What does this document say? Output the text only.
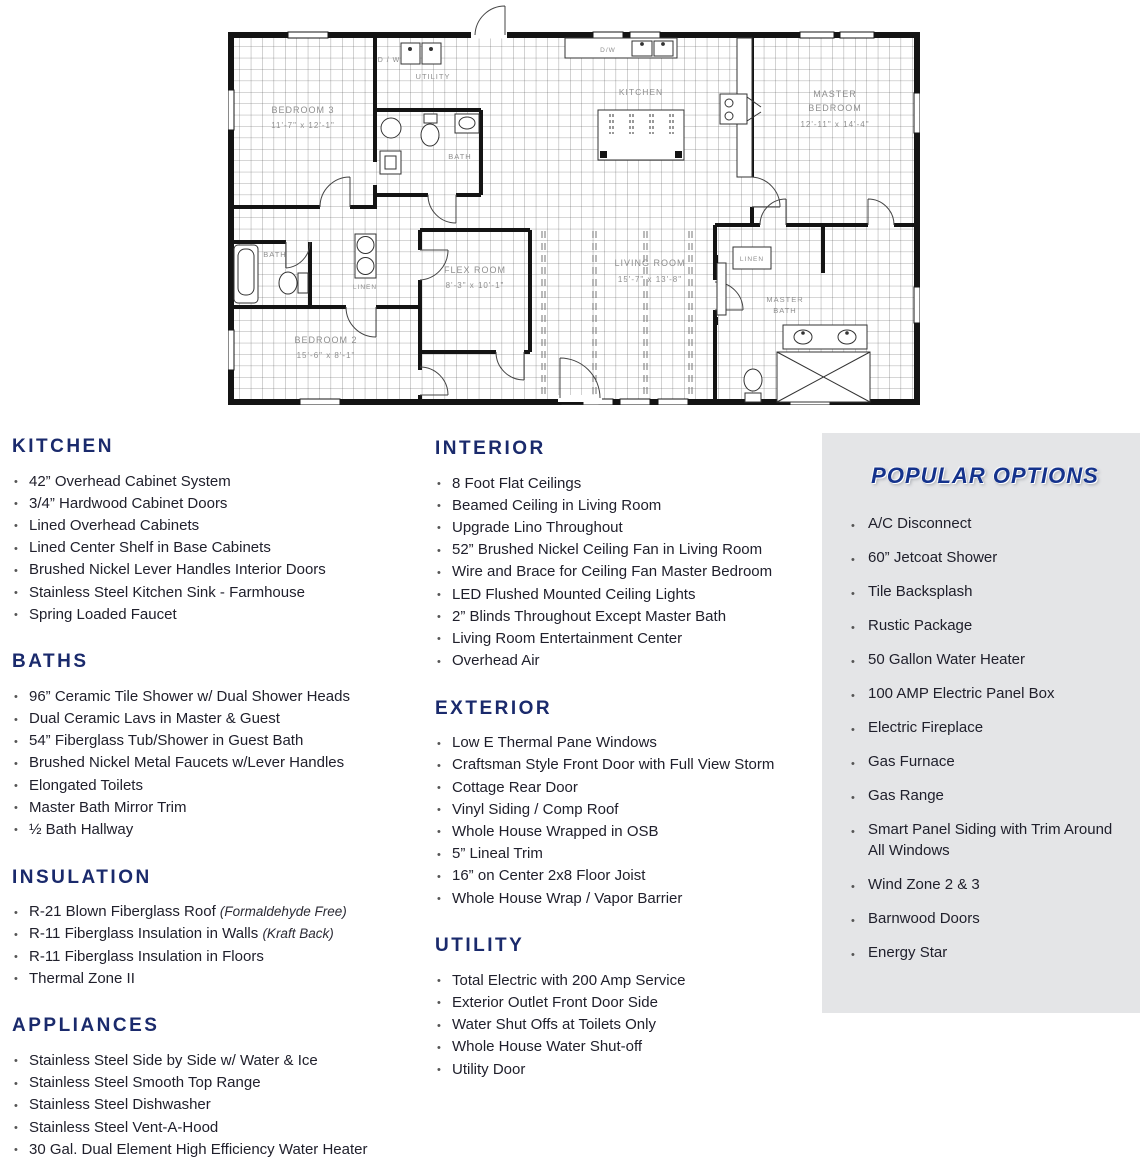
BEDROOM 3
11'-7" x 12'-1"
D / W
UTILITY
BATH
KITCHEN
D/W
MASTER
BEDROOM
12'-11" x 14'-4"
BATH
LINEN
BEDROOM 2
15'-6" x 8'-1"
FLEX ROOM
8'-3" x 10'-1"
LIVING ROOM
15'-7" x 13'-8"
MASTER
BATH
LINEN
KITCHEN
• 42” Overhead Cabinet System
• 3/4” Hardwood Cabinet Doors
• Lined Overhead Cabinets
• Lined Center Shelf in Base Cabinets
• Brushed Nickel Lever Handles Interior Doors
• Stainless Steel Kitchen Sink - Farmhouse
• Spring Loaded Faucet
BATHS
• 96” Ceramic Tile Shower w/ Dual Shower Heads
• Dual Ceramic Lavs in Master & Guest
• 54” Fiberglass Tub/Shower in Guest Bath
• Brushed Nickel Metal Faucets w/Lever Handles
• Elongated Toilets
• Master Bath Mirror Trim
• ½ Bath Hallway
INSULATION
• R-21 Blown Fiberglass Roof (Formaldehyde Free)
• R-11 Fiberglass Insulation in Walls (Kraft Back)
• R-11 Fiberglass Insulation in Floors
• Thermal Zone II
APPLIANCES
• Stainless Steel Side by Side w/ Water & Ice
• Stainless Steel Smooth Top Range
• Stainless Steel Dishwasher
• Stainless Steel Vent-A-Hood
• 30 Gal. Dual Element High Efficiency Water Heater
INTERIOR
• 8 Foot Flat Ceilings
• Beamed Ceiling in Living Room
• Upgrade Lino Throughout
• 52” Brushed Nickel Ceiling Fan in Living Room
• Wire and Brace for Ceiling Fan Master Bedroom
• LED Flushed Mounted Ceiling Lights
• 2” Blinds Throughout Except Master Bath
• Living Room Entertainment Center
• Overhead Air
EXTERIOR
• Low E Thermal Pane Windows
• Craftsman Style Front Door with Full View Storm
• Cottage Rear Door
• Vinyl Siding / Comp Roof
• Whole House Wrapped in OSB
• 5” Lineal Trim
• 16” on Center 2x8 Floor Joist
• Whole House Wrap / Vapor Barrier
UTILITY
• Total Electric with 200 Amp Service
• Exterior Outlet Front Door Side
• Water Shut Offs at Toilets Only
• Whole House Water Shut-off
• Utility Door
POPULAR OPTIONS
• A/C Disconnect
• 60” Jetcoat Shower
• Tile Backsplash
• Rustic Package
• 50 Gallon Water Heater
• 100 AMP Electric Panel Box
• Electric Fireplace
• Gas Furnace
• Gas Range
• Smart Panel Siding with Trim Around All Windows
• Wind Zone 2 & 3
• Barnwood Doors
• Energy Star
